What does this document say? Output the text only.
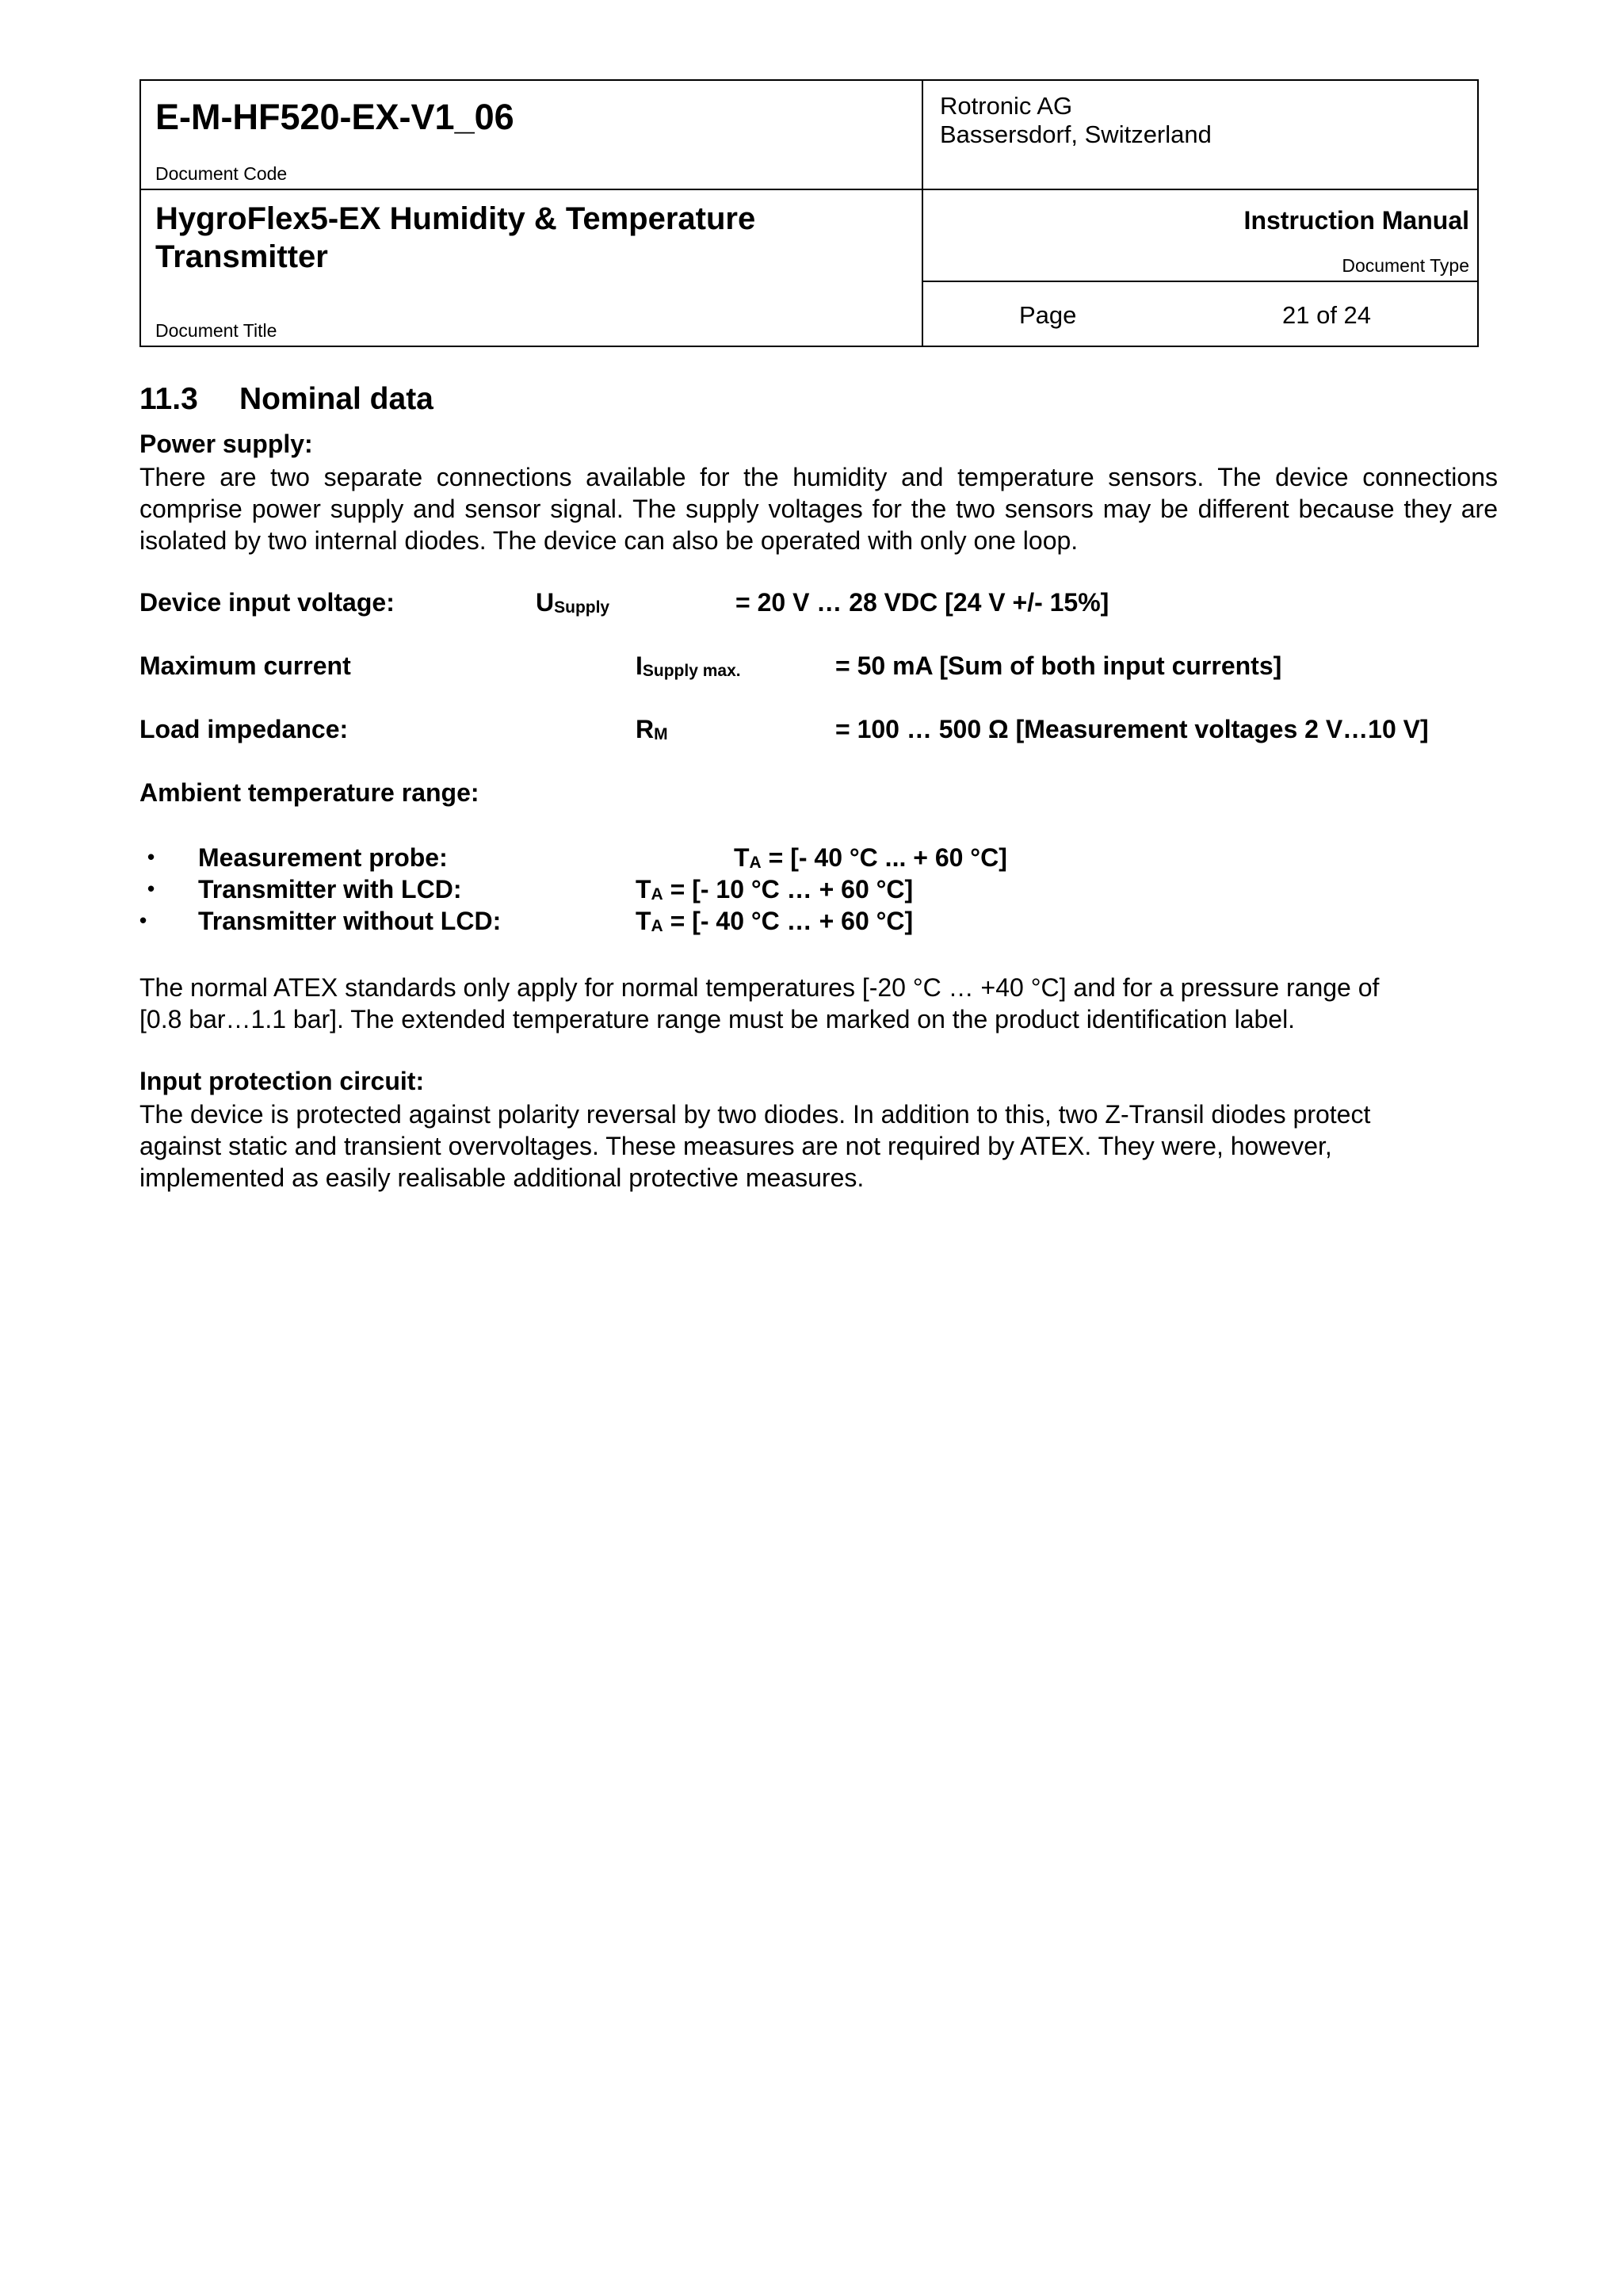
E-M-HF520-EX-V1_06
Document Code
HygroFlex5-EX Humidity & Temperature
Transmitter
Document Title
Rotronic AG
Bassersdorf, Switzerland
Instruction Manual
Document Type
Page	21 of 24
11.3 Nominal data
Power supply:
There are two separate connections available for the humidity and temperature sensors. The device connections comprise power supply and sensor signal. The supply voltages for the two sensors may be different because they are isolated by two internal diodes. The device can also be operated with only one loop.
Device input voltage:	$U_{Supply}$	= 20 V … 28 VDC [24 V +/- 15%]
Maximum current	$I_{Supply max.}$	= 50 mA [Sum of both input currents]
Load impedance:	$R_M$	= 100 … 500 Ω [Measurement voltages 2 V…10 V]
Ambient temperature range:
• Measurement probe:	$T_A$ = [- 40 °C ... + 60 °C]
• Transmitter with LCD:	$T_A$ = [- 10 °C … + 60 °C]
• Transmitter without LCD:	$T_A$ = [- 40 °C … + 60 °C]
The normal ATEX standards only apply for normal temperatures [-20 °C … +40 °C] and for a pressure range of
[0.8 bar…1.1 bar]. The extended temperature range must be marked on the product identification label.
Input protection circuit:
The device is protected against polarity reversal by two diodes. In addition to this, two Z-Transil diodes protect
against static and transient overvoltages. These measures are not required by ATEX. They were, however,
implemented as easily realisable additional protective measures.
